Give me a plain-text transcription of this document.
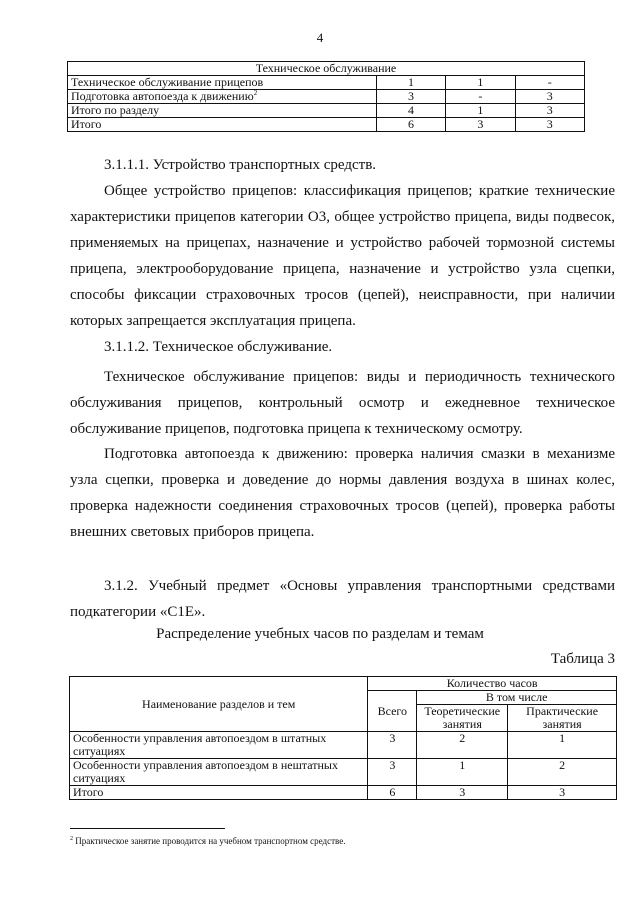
4
Техническое обслуживание			
Техническое обслуживание прицепов	1	1	-
Подготовка автопоезда к движению$^2$	3	-	3
Итого по разделу	4	1	3
Итого	6	3	3
3.1.1.1. Устройство транспортных средств.

Общее устройство прицепов: классификация прицепов; краткие технические характеристики прицепов категории О3, общее устройство прицепа, виды подвесок, применяемых на прицепах, назначение и устройство рабочей тормозной системы прицепа, электрооборудование прицепа, назначение и устройство узла сцепки, способы фиксации страховочных тросов (цепей), неисправности, при наличии которых запрещается эксплуатация прицепа.

3.1.1.2. Техническое обслуживание.

Техническое обслуживание прицепов: виды и периодичность технического обслуживания прицепов, контрольный осмотр и ежедневное техническое обслуживание прицепов, подготовка прицепа к техническому осмотру.

Подготовка автопоезда к движению: проверка наличия смазки в механизме узла сцепки, проверка и доведение до нормы давления воздуха в шинах колес, проверка надежности соединения страховочных тросов (цепей), проверка работы внешних световых приборов прицепа.

3.1.2. Учебный предмет «Основы управления транспортными средствами подкатегории «С1Е».

Распределение учебных часов по разделам и темам
Таблица 3
Наименование разделов и тем	Количество часов		
	Всего	В том числе	
		Теоретические занятия	Практические занятия
Особенности управления автопоездом в штатных ситуациях	3	2	1
Особенности управления автопоездом в нештатных ситуациях	3	1	2
Итого	6	3	3
$^2$ Практическое занятие проводится на учебном транспортном средстве.
